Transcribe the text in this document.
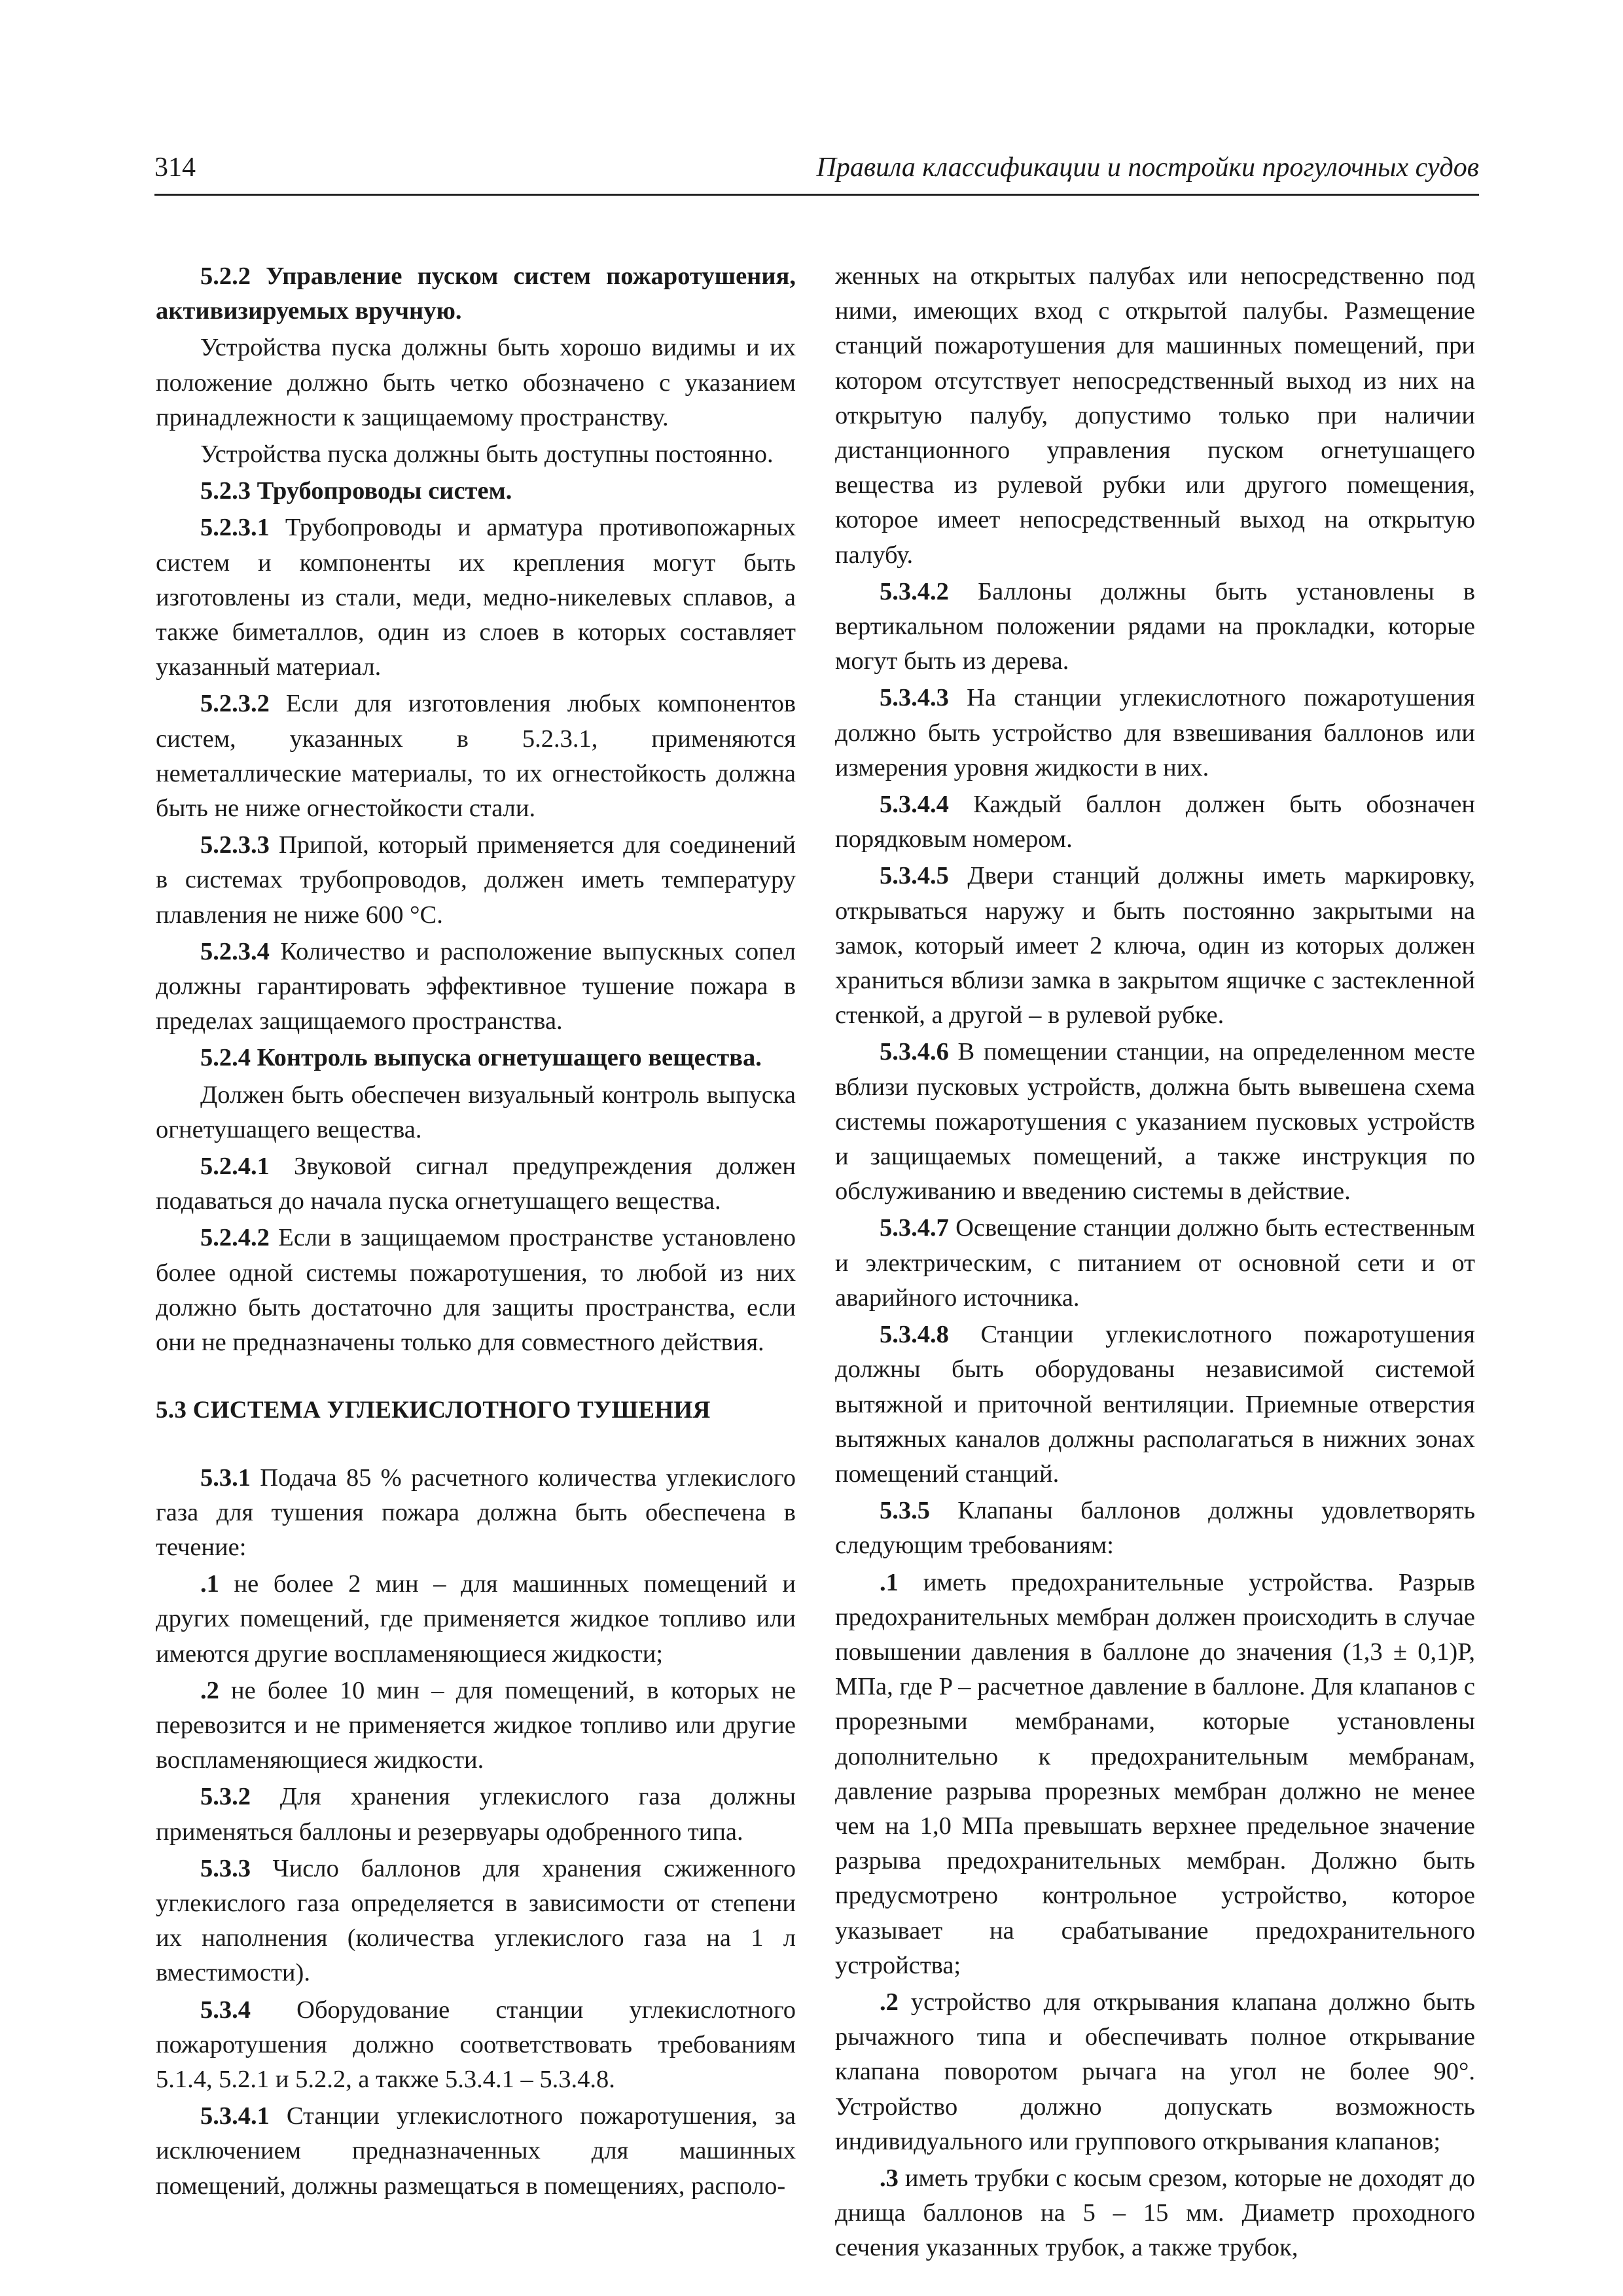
314	Правила классификации и постройки прогулочных судов

5.2.2 Управление пуском систем пожаротушения, активизируемых вручную.

Устройства пуска должны быть хорошо видимы и их положение должно быть четко обозначено с указанием принадлежности к защищаемому пространству.

Устройства пуска должны быть доступны постоянно.

5.2.3 Трубопроводы систем.

5.2.3.1 Трубопроводы и арматура противопожарных систем и компоненты их крепления могут быть изготовлены из стали, меди, медно-никелевых сплавов, а также биметаллов, один из слоев в которых составляет указанный материал.

5.2.3.2 Если для изготовления любых компонентов систем, указанных в 5.2.3.1, применяются неметаллические материалы, то их огнестойкость должна быть не ниже огнестойкости стали.

5.2.3.3 Припой, который применяется для соединений в системах трубопроводов, должен иметь температуру плавления не ниже 600 °С.

5.2.3.4 Количество и расположение выпускных сопел должны гарантировать эффективное тушение пожара в пределах защищаемого пространства.

5.2.4 Контроль выпуска огнетушащего вещества.

Должен быть обеспечен визуальный контроль выпуска огнетушащего вещества.

5.2.4.1 Звуковой сигнал предупреждения должен подаваться до начала пуска огнетушащего вещества.

5.2.4.2 Если в защищаемом пространстве установлено более одной системы пожаротушения, то любой из них должно быть достаточно для защиты пространства, если они не предназначены только для совместного действия.

5.3 СИСТЕМА УГЛЕКИСЛОТНОГО ТУШЕНИЯ

5.3.1 Подача 85 % расчетного количества углекислого газа для тушения пожара должна быть обеспечена в течение:

.1 не более 2 мин – для машинных помещений и других помещений, где применяется жидкое топливо или имеются другие воспламеняющиеся жидкости;

.2 не более 10 мин – для помещений, в которых не перевозится и не применяется жидкое топливо или другие воспламеняющиеся жидкости.

5.3.2 Для хранения углекислого газа должны применяться баллоны и резервуары одобренного типа.

5.3.3 Число баллонов для хранения сжиженного углекислого газа определяется в зависимости от степени их наполнения (количества углекислого газа на 1 л вместимости).

5.3.4 Оборудование станции углекислотного пожаротушения должно соответствовать требованиям 5.1.4, 5.2.1 и 5.2.2, а также 5.3.4.1 – 5.3.4.8.

5.3.4.1 Станции углекислотного пожаротушения, за исключением предназначенных для машинных помещений, должны размещаться в помещениях, располо-

женных на открытых палубах или непосредственно под ними, имеющих вход с открытой палубы. Размещение станций пожаротушения для машинных помещений, при котором отсутствует непосредственный выход из них на открытую палубу, допустимо только при наличии дистанционного управления пуском огнетушащего вещества из рулевой рубки или другого помещения, которое имеет непосредственный выход на открытую палубу.

5.3.4.2 Баллоны должны быть установлены в вертикальном положении рядами на прокладки, которые могут быть из дерева.

5.3.4.3 На станции углекислотного пожаротушения должно быть устройство для взвешивания баллонов или измерения уровня жидкости в них.

5.3.4.4 Каждый баллон должен быть обозначен порядковым номером.

5.3.4.5 Двери станций должны иметь маркировку, открываться наружу и быть постоянно закрытыми на замок, который имеет 2 ключа, один из которых должен храниться вблизи замка в закрытом ящичке с застекленной стенкой, а другой – в рулевой рубке.

5.3.4.6 В помещении станции, на определенном месте вблизи пусковых устройств, должна быть вывешена схема системы пожаротушения с указанием пусковых устройств и защищаемых помещений, а также инструкция по обслуживанию и введению системы в действие.

5.3.4.7 Освещение станции должно быть естественным и электрическим, с питанием от основной сети и от аварийного источника.

5.3.4.8 Станции углекислотного пожаротушения должны быть оборудованы независимой системой вытяжной и приточной вентиляции. Приемные отверстия вытяжных каналов должны располагаться в нижних зонах помещений станций.

5.3.5 Клапаны баллонов должны удовлетворять следующим требованиям:

.1 иметь предохранительные устройства. Разрыв предохранительных мембран должен происходить в случае повышении давления в баллоне до значения (1,3 ± 0,1)P, МПа, где P – расчетное давление в баллоне. Для клапанов с прорезными мембранами, которые установлены дополнительно к предохранительным мембранам, давление разрыва прорезных мембран должно не менее чем на 1,0 МПа превышать верхнее предельное значение разрыва предохранительных мембран. Должно быть предусмотрено контрольное устройство, которое указывает на срабатывание предохранительного устройства;

.2 устройство для открывания клапана должно быть рычажного типа и обеспечивать полное открывание клапана поворотом рычага на угол не более 90°. Устройство должно допускать возможность индивидуального или группового открывания клапанов;

.3 иметь трубки с косым срезом, которые не доходят до днища баллонов на 5 – 15 мм. Диаметр проходного сечения указанных трубок, а также трубок,
